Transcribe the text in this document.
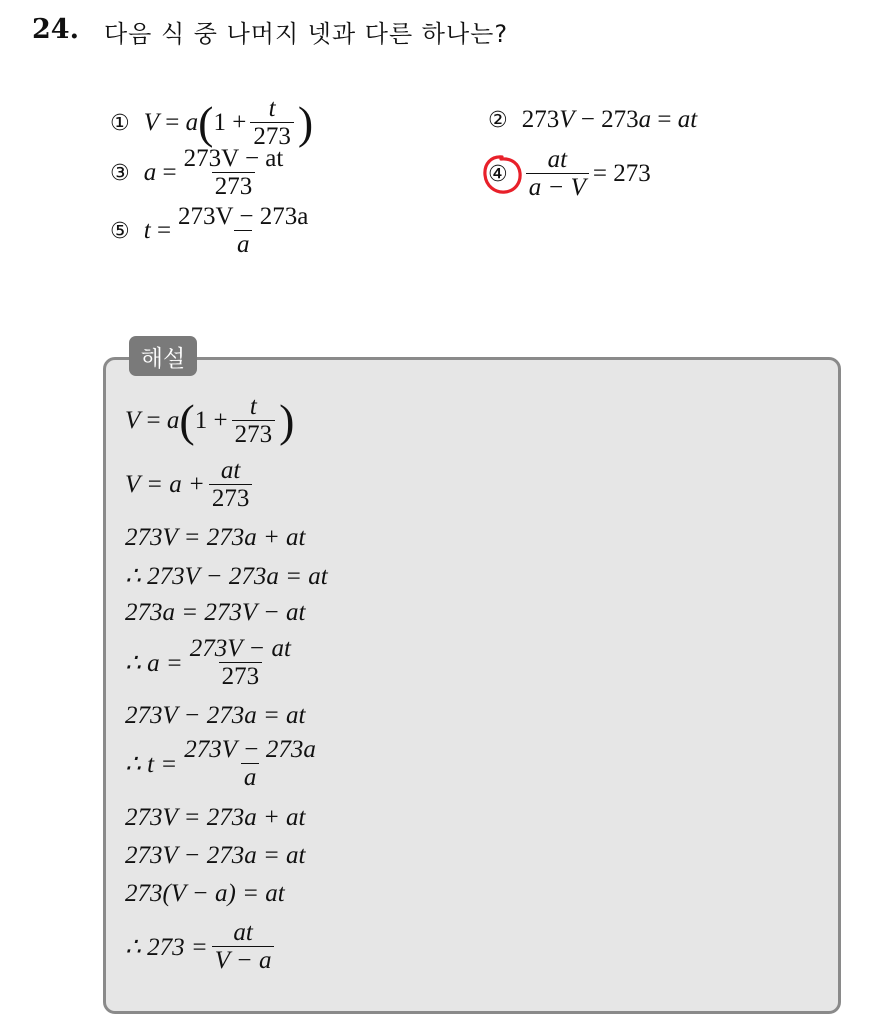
24. 다음 식 중 나머지 넷과 다른 하나는?
① V
=
a ( $1 + \frac{t}{273}$ )	② 273 V − 273 a = at
③ a
= $\frac{273V - at}{273}$	④ $\frac{at}{a - V} = 273$
⑤ t
= $\frac{273V - 273a}{a}$
해설
V
=
a ( $1 + \frac{t}{273}$ )
$V = a + \frac{at}{273}$
273V = 273a + at
∴ 273V − 273a = at
273a = 273V − at
∴ $a = \frac{273V - at}{273}$
273V − 273a = at
∴ $t = \frac{273V - 273a}{a}$
273V = 273a + at
273V − 273a = at
273(V − a) = at
∴ $273 = \frac{at}{V - a}$
